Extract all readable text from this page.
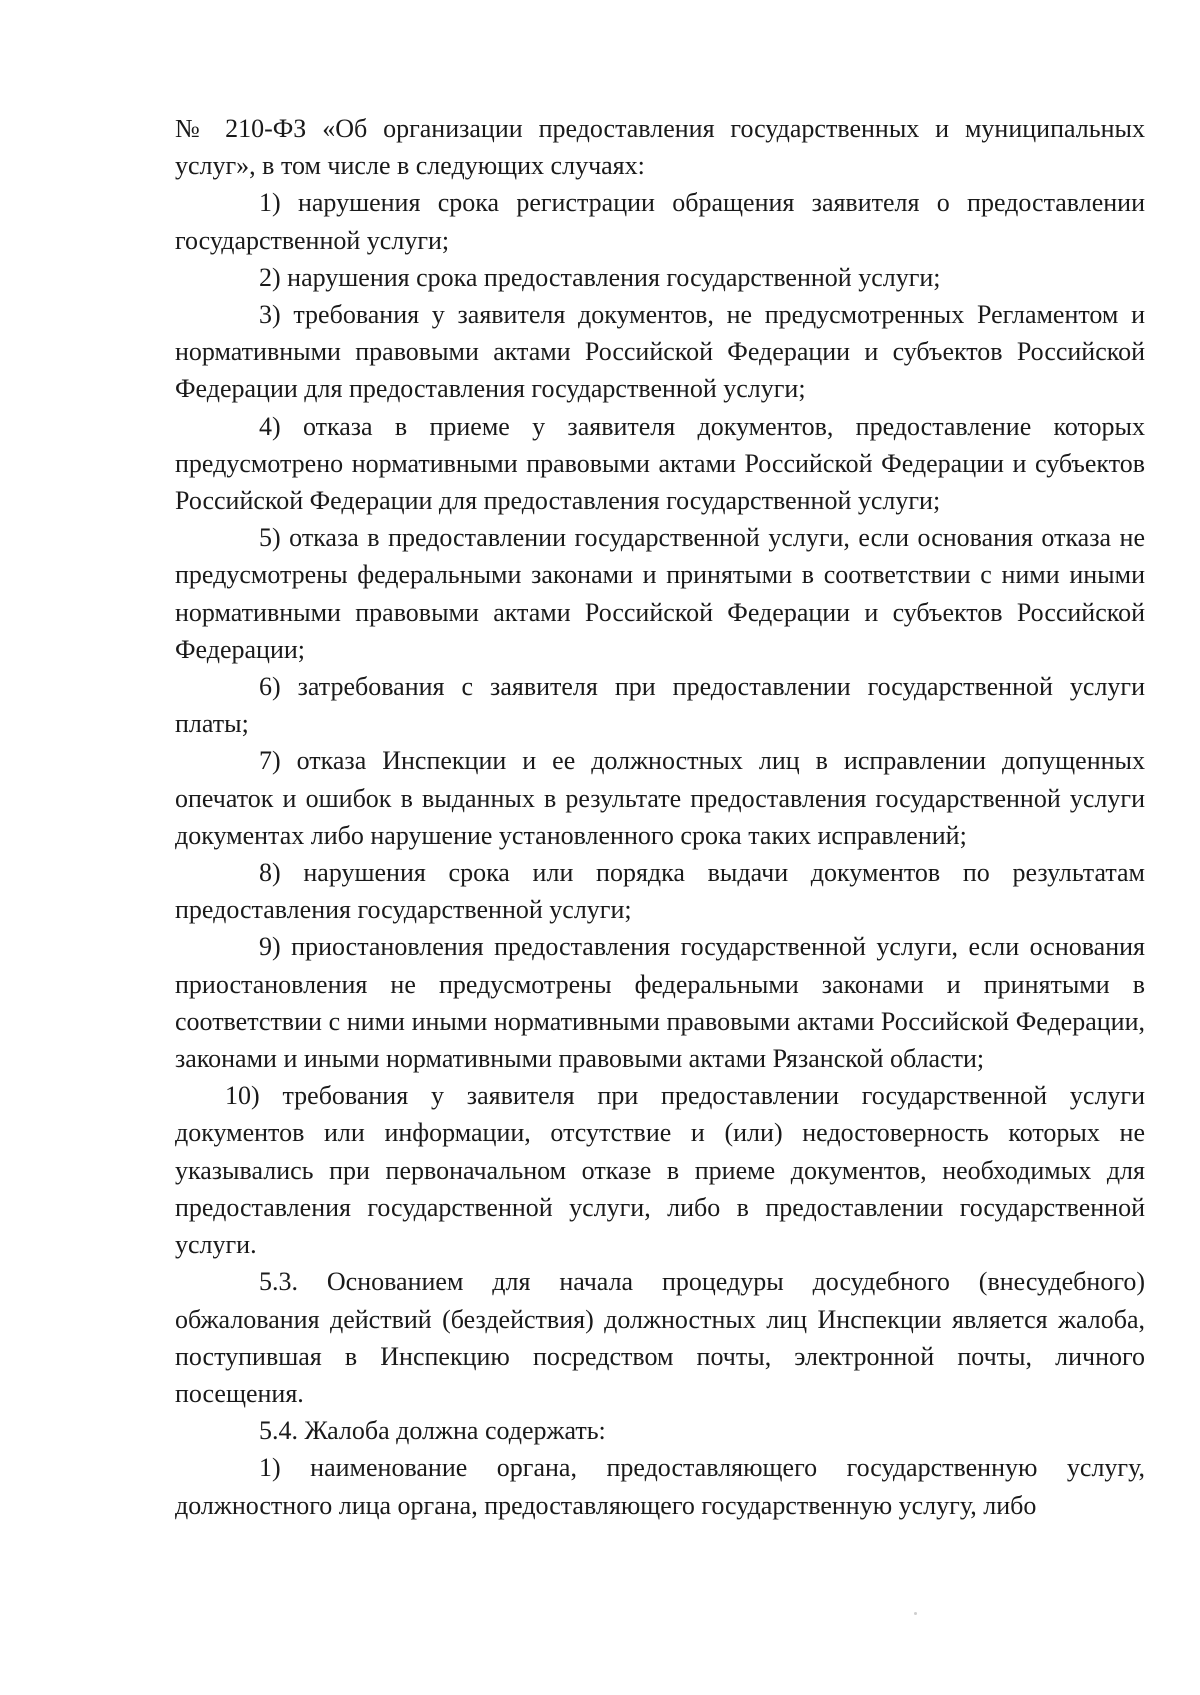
№ 210-ФЗ «Об организации предоставления государственных и муниципальных услуг», в том числе в следующих случаях:

1) нарушения срока регистрации обращения заявителя о предоставлении государственной услуги;

2) нарушения срока предоставления государственной услуги;

3) требования у заявителя документов, не предусмотренных Регламентом и нормативными правовыми актами Российской Федерации и субъектов Российской Федерации для предоставления государственной услуги;

4) отказа в приеме у заявителя документов, предоставление которых предусмотрено нормативными правовыми актами Российской Федерации и субъектов Российской Федерации для предоставления государственной услуги;

5) отказа в предоставлении государственной услуги, если основания отказа не предусмотрены федеральными законами и принятыми в соответствии с ними иными нормативными правовыми актами Российской Федерации и субъектов Российской Федерации;

6) затребования с заявителя при предоставлении государственной услуги платы;

7) отказа Инспекции и ее должностных лиц в исправлении допущенных опечаток и ошибок в выданных в результате предоставления государственной услуги документах либо нарушение установленного срока таких исправлений;

8) нарушения срока или порядка выдачи документов по результатам предоставления государственной услуги;

9) приостановления предоставления государственной услуги, если основания приостановления не предусмотрены федеральными законами и принятыми в соответствии с ними иными нормативными правовыми актами Российской Федерации, законами и иными нормативными правовыми актами Рязанской области;

10) требования у заявителя при предоставлении государственной услуги документов или информации, отсутствие и (или) недостоверность которых не указывались при первоначальном отказе в приеме документов, необходимых для предоставления государственной услуги, либо в предоставлении государственной услуги.

5.3. Основанием для начала процедуры досудебного (внесудебного) обжалования действий (бездействия) должностных лиц Инспекции является жалоба, поступившая в Инспекцию посредством почты, электронной почты, личного посещения.

5.4. Жалоба должна содержать:

1) наименование органа, предоставляющего государственную услугу, должностного лица органа, предоставляющего государственную услугу, либо
